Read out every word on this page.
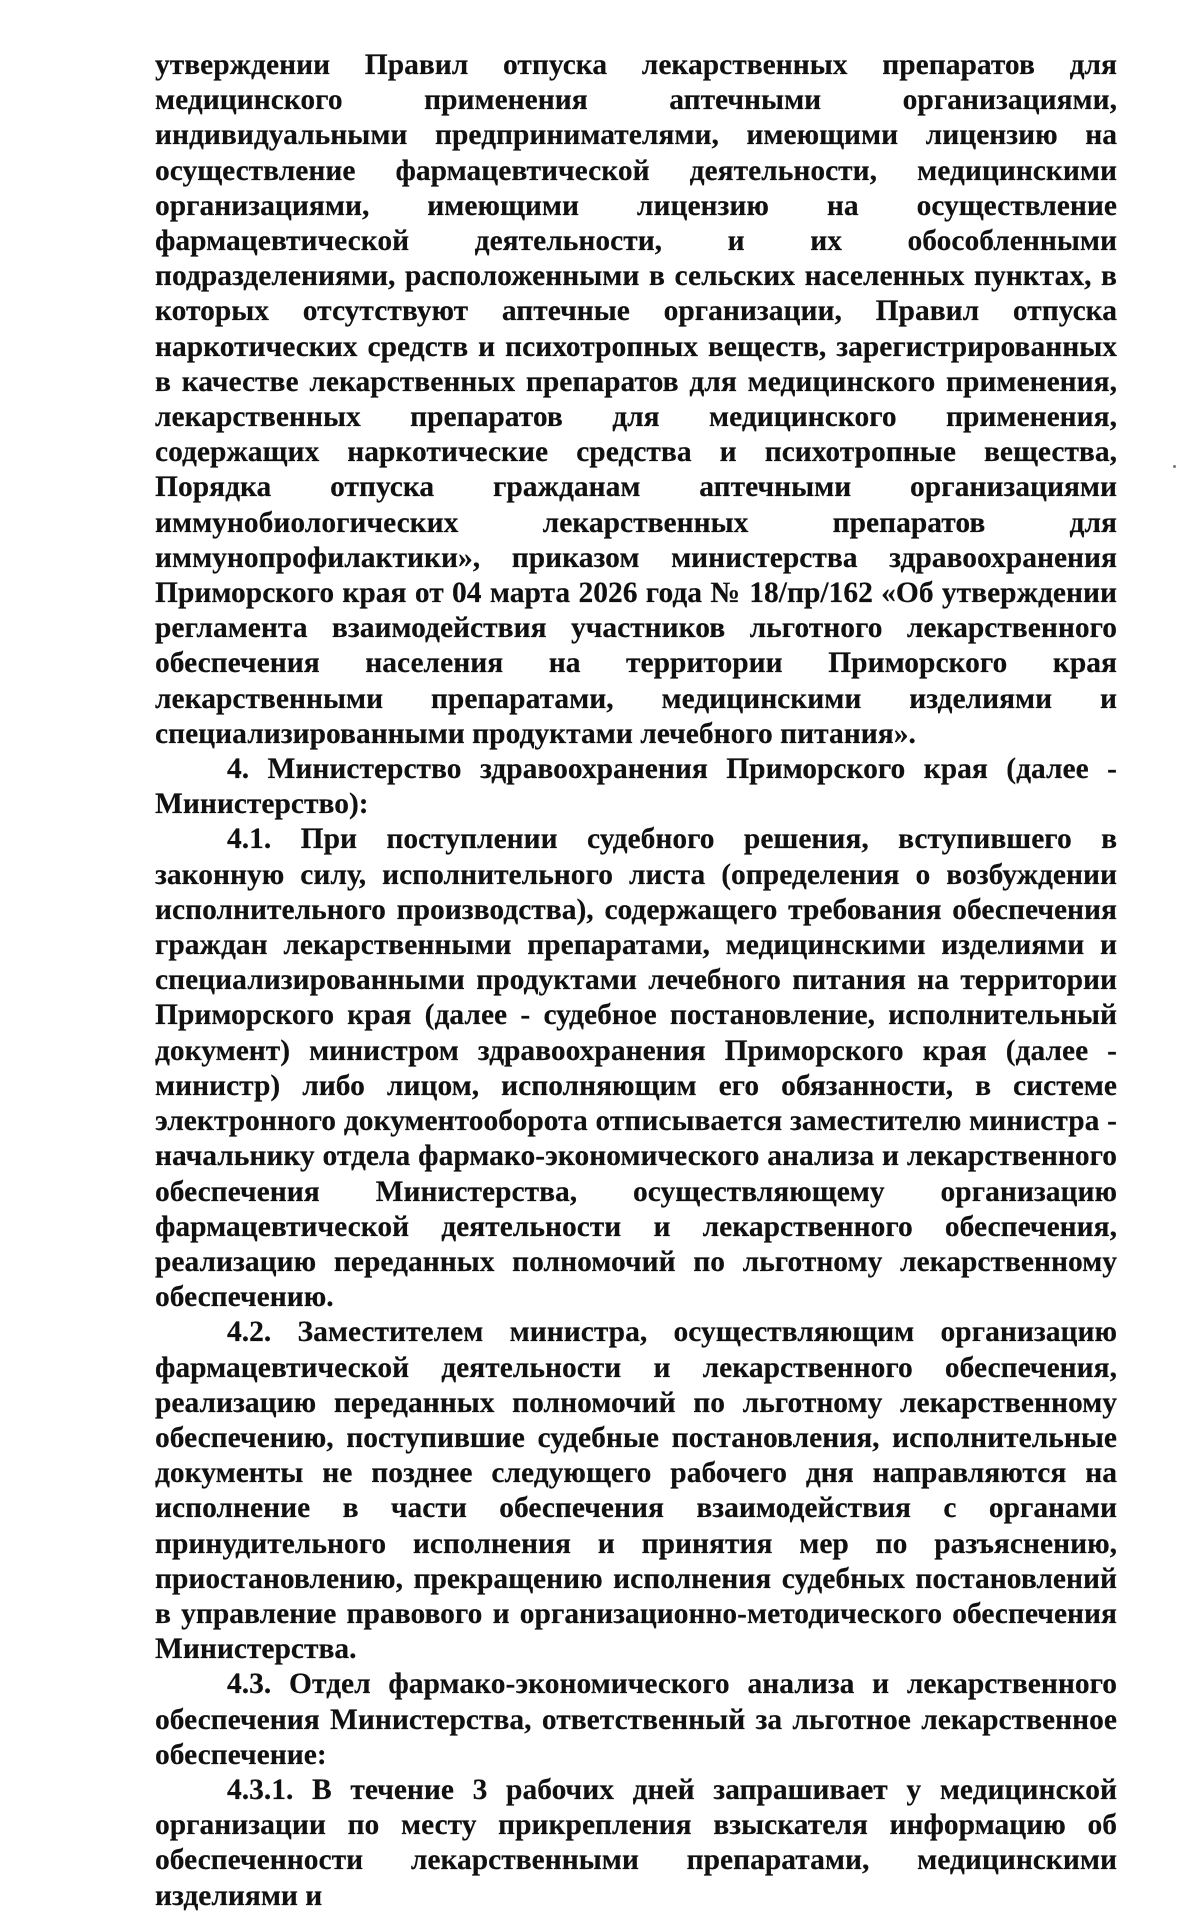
утверждении Правил отпуска лекарственных препаратов для медицинского применения аптечными организациями, индивидуальными предпринимателями, имеющими лицензию на осуществление фармацевтической деятельности, медицинскими организациями, имеющими лицензию на осуществление фармацевтической деятельности, и их обособленными подразделениями, расположенными в сельских населенных пунктах, в которых отсутствуют аптечные организации, Правил отпуска наркотических средств и психотропных веществ, зарегистрированных в качестве лекарственных препаратов для медицинского применения, лекарственных препаратов для медицинского применения, содержащих наркотические средства и психотропные вещества, Порядка отпуска гражданам аптечными организациями иммунобиологических лекарственных препаратов для иммунопрофилактики», приказом министерства здравоохранения Приморского края от 04 марта 2026 года № 18/пр/162 «Об утверждении регламента взаимодействия участников льготного лекарственного обеспечения населения на территории Приморского края лекарственными препаратами, медицинскими изделиями и специализированными продуктами лечебного питания».

4. Министерство здравоохранения Приморского края (далее - Министерство):

4.1. При поступлении судебного решения, вступившего в законную силу, исполнительного листа (определения о возбуждении исполнительного производства), содержащего требования обеспечения граждан лекарственными препаратами, медицинскими изделиями и специализированными продуктами лечебного питания на территории Приморского края (далее - судебное постановление, исполнительный документ) министром здравоохранения Приморского края (далее - министр) либо лицом, исполняющим его обязанности, в системе электронного документооборота отписывается заместителю министра - начальнику отдела фармако-экономического анализа и лекарственного обеспечения Министерства, осуществляющему организацию фармацевтической деятельности и лекарственного обеспечения, реализацию переданных полномочий по льготному лекарственному обеспечению.

4.2. Заместителем министра, осуществляющим организацию фармацевтической деятельности и лекарственного обеспечения, реализацию переданных полномочий по льготному лекарственному обеспечению, поступившие судебные постановления, исполнительные документы не позднее следующего рабочего дня направляются на исполнение в части обеспечения взаимодействия с органами принудительного исполнения и принятия мер по разъяснению, приостановлению, прекращению исполнения судебных постановлений в управление правового и организационно-методического обеспечения Министерства.

4.3. Отдел фармако-экономического анализа и лекарственного обеспечения Министерства, ответственный за льготное лекарственное обеспечение:

4.3.1. В течение 3 рабочих дней запрашивает у медицинской организации по месту прикрепления взыскателя информацию об обеспеченности лекарственными препаратами, медицинскими изделиями и
